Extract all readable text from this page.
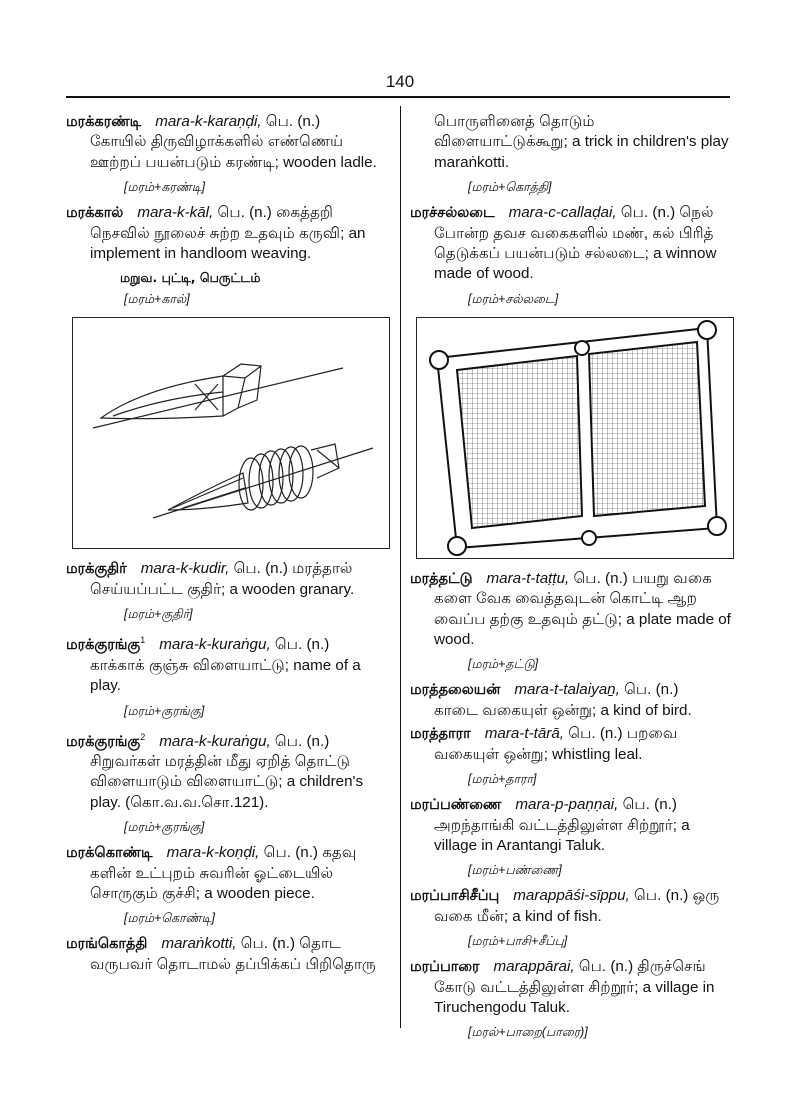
140
மரக்கரண்டி mara-k-karaṇḍi, பெ. (n.)
கோயில் திருவிழாக்களில் எண்ணெய் ஊற்றப் பயன்படும் கரண்டி; wooden ladle.
[மரம்+கரண்டி]
மரக்கால் mara-k-kāl, பெ. (n.) கைத்தறி
நெசவில் நூலைச் சுற்ற உதவும் கருவி; an implement in handloom weaving.
மறுவ. புட்டி, பெருட்டம்
[மரம்+கால்]
மரக்குதிர் mara-k-kudir, பெ. (n.) மரத்தால்
செய்யப்பட்ட குதிர்; a wooden granary.
[மரம்+குதிர்]
மரக்குரங்கு$^1$ mara-k-kuraṅgu, பெ. (n.)
காக்காக் குஞ்சு விளையாட்டு; name of a play.
[மரம்+குரங்கு]
மரக்குரங்கு$^2$ mara-k-kuraṅgu, பெ. (n.)
சிறுவர்கள் மரத்தின் மீது ஏறித் தொட்டு விளையாடும் விளையாட்டு; a children's play. (கொ.வ.வ.சொ.121).
[மரம்+குரங்கு]
மரக்கொண்டி mara-k-koṇḍi, பெ. (n.) கதவு
களின் உட்புறம் சுவரின் ஓட்டையில் சொருகும் குச்சி; a wooden piece.
[மரம்+கொண்டி]
மரங்கொத்தி maraṅkotti, பெ. (n.) தொட
வருபவர் தொடாமல் தப்பிக்கப் பிறிதொரு
பொருளினைத் தொடும் விளையாட்டுக்கூறு; a trick in children's play maraṅkotti.
[மரம்+கொத்தி]
மரச்சல்லடை mara-c-callaḍai, பெ. (n.) நெல்
போன்ற தவச வகைகளில் மண், கல் பிரித் தெடுக்கப் பயன்படும் சல்லடை; a winnow made of wood.
[மரம்+சல்லடை]
மரத்தட்டு mara-t-taṭṭu, பெ. (n.) பயறு வகை
களை வேக வைத்தவுடன் கொட்டி ஆற வைப்ப தற்கு உதவும் தட்டு; a plate made of wood.
[மரம்+தட்டு]
மரத்தலையன் mara-t-talaiyaṉ, பெ. (n.)
காடை வகையுள் ஒன்று; a kind of bird.
மரத்தாரா mara-t-tārā, பெ. (n.) பறவை
வகையுள் ஒன்று; whistling leal.
[மரம்+தாரா]
மரப்பண்ணை mara-p-paṇṇai, பெ. (n.)
அறந்தாங்கி வட்டத்திலுள்ள சிற்றூர்; a village in Arantangi Taluk.
[மரம்+பண்ணை]
மரப்பாசிசீப்பு marappāśi-sīppu, பெ. (n.) ஒரு
வகை மீன்; a kind of fish.
[மரம்+பாசி+சீப்பு]
மரப்பாரை marappārai, பெ. (n.) திருச்செங்
கோடு வட்டத்திலுள்ள சிற்றூர்; a village in Tiruchengodu Taluk.
[மரல்+பாறை(பாரை)]
